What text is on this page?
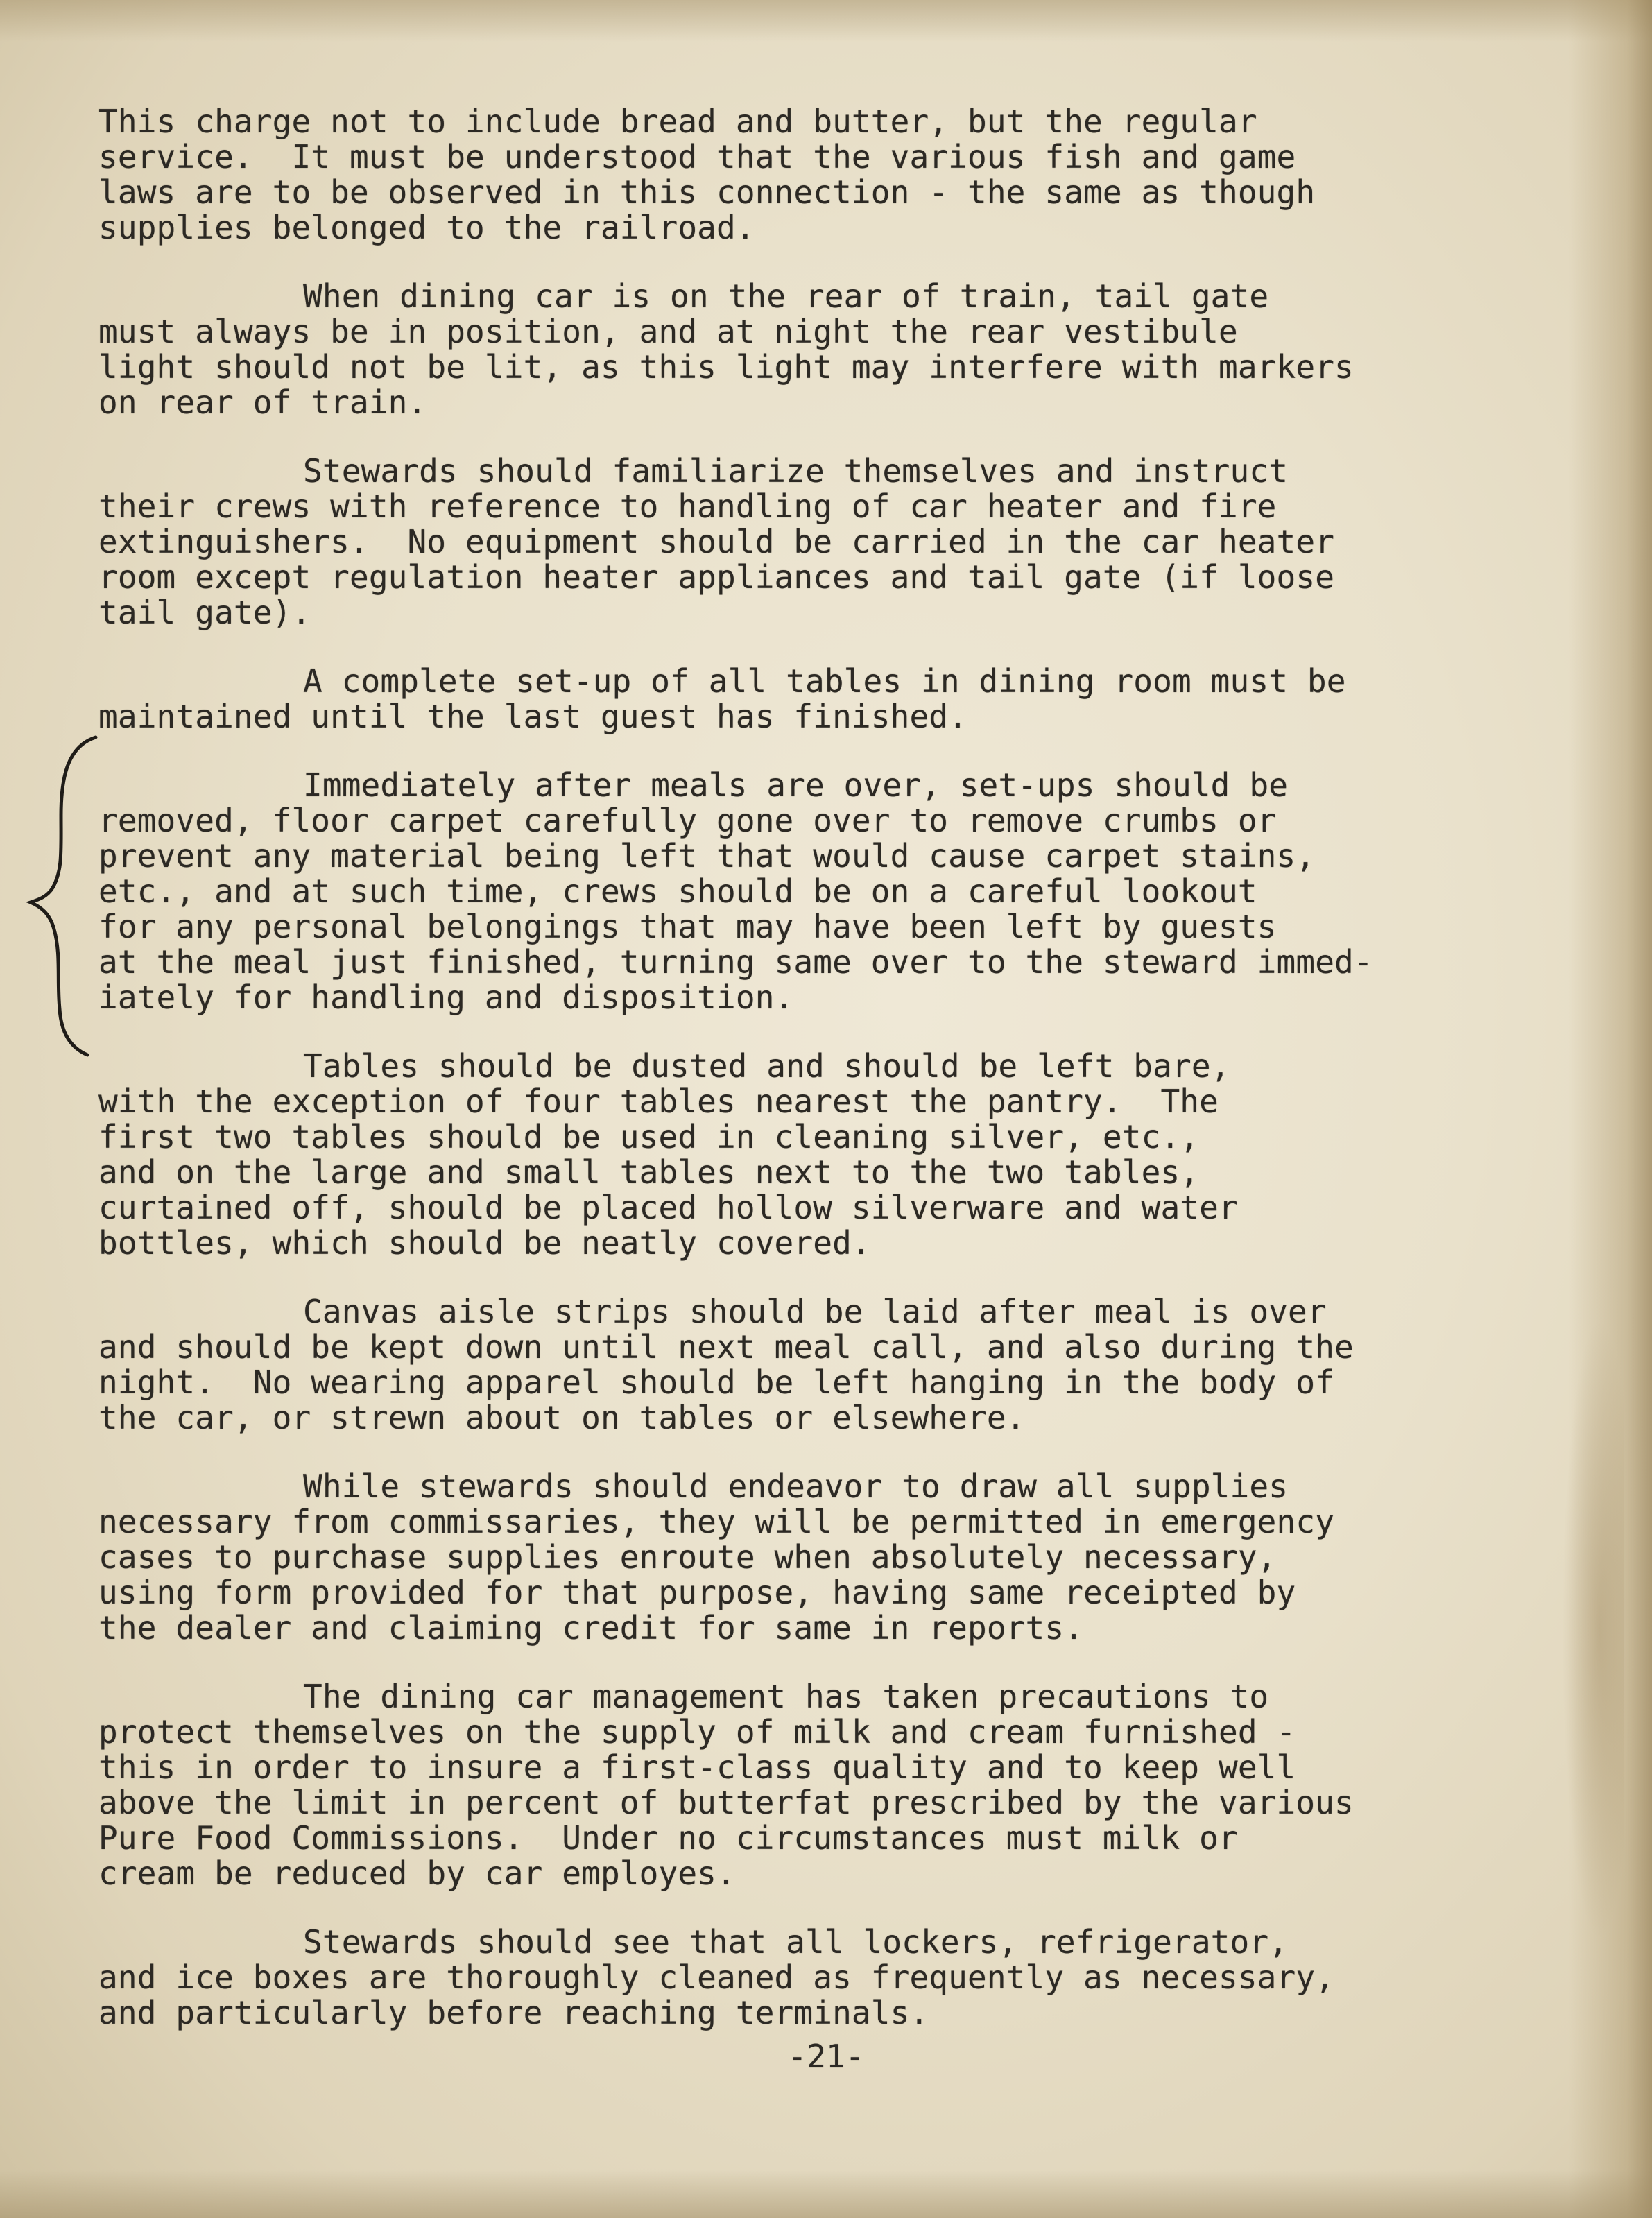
This charge not to include bread and butter, but the regular
service.  It must be understood that the various fish and game
laws are to be observed in this connection - the same as though
supplies belonged to the railroad.
When dining car is on the rear of train, tail gate
must always be in position, and at night the rear vestibule
light should not be lit, as this light may interfere with markers
on rear of train.
Stewards should familiarize themselves and instruct
their crews with reference to handling of car heater and fire
extinguishers.  No equipment should be carried in the car heater
room except regulation heater appliances and tail gate (if loose
tail gate).
A complete set-up of all tables in dining room must be
maintained until the last guest has finished.
Immediately after meals are over, set-ups should be
removed, floor carpet carefully gone over to remove crumbs or
prevent any material being left that would cause carpet stains,
etc., and at such time, crews should be on a careful lookout
for any personal belongings that may have been left by guests
at the meal just finished, turning same over to the steward immed-
iately for handling and disposition.
Tables should be dusted and should be left bare,
with the exception of four tables nearest the pantry.  The
first two tables should be used in cleaning silver, etc.,
and on the large and small tables next to the two tables,
curtained off, should be placed hollow silverware and water
bottles, which should be neatly covered.
Canvas aisle strips should be laid after meal is over
and should be kept down until next meal call, and also during the
night.  No wearing apparel should be left hanging in the body of
the car, or strewn about on tables or elsewhere.
While stewards should endeavor to draw all supplies
necessary from commissaries, they will be permitted in emergency
cases to purchase supplies enroute when absolutely necessary,
using form provided for that purpose, having same receipted by
the dealer and claiming credit for same in reports.
The dining car management has taken precautions to
protect themselves on the supply of milk and cream furnished -
this in order to insure a first-class quality and to keep well
above the limit in percent of butterfat prescribed by the various
Pure Food Commissions.  Under no circumstances must milk or
cream be reduced by car employes.
Stewards should see that all lockers, refrigerator,
and ice boxes are thoroughly cleaned as frequently as necessary,
and particularly before reaching terminals.
-21-
